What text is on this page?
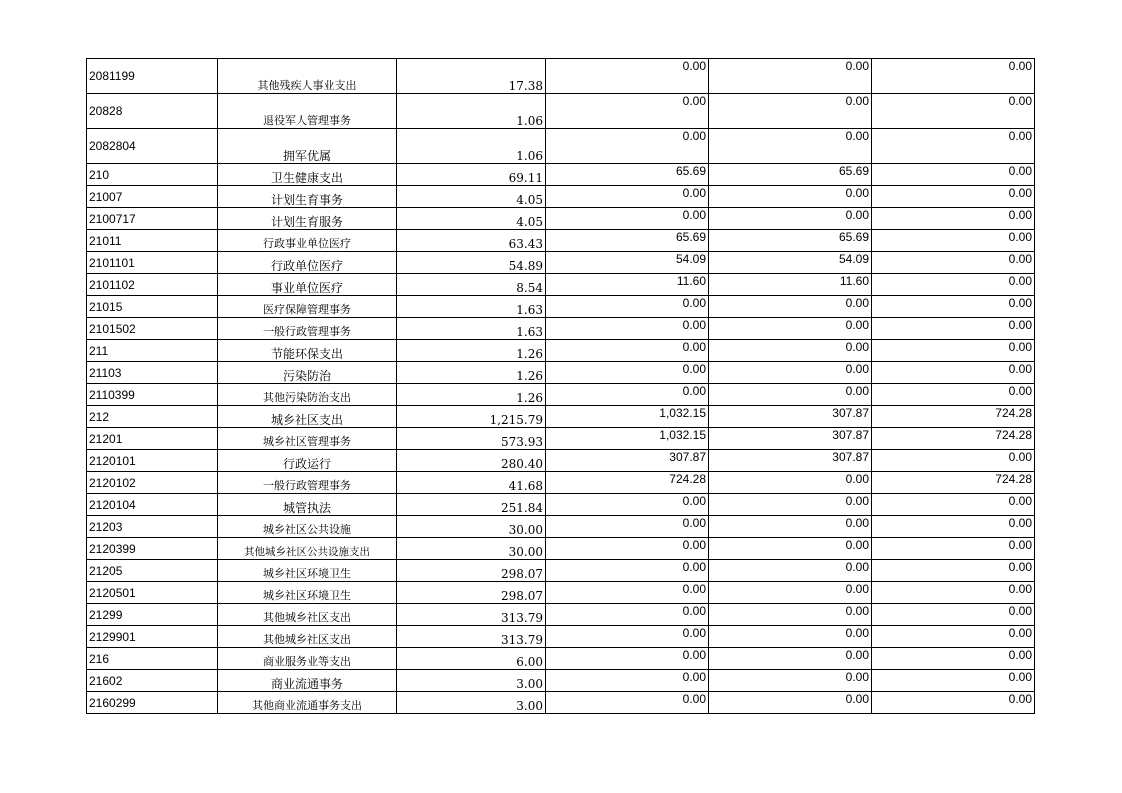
2081199	其他残疾人事业支出	17.38	0.00	0.00	0.00
20828	退役军人管理事务	1.06	0.00	0.00	0.00
2082804	拥军优属	1.06	0.00	0.00	0.00
210	卫生健康支出	69.11	65.69	65.69	0.00
21007	计划生育事务	4.05	0.00	0.00	0.00
2100717	计划生育服务	4.05	0.00	0.00	0.00
21011	行政事业单位医疗	63.43	65.69	65.69	0.00
2101101	行政单位医疗	54.89	54.09	54.09	0.00
2101102	事业单位医疗	8.54	11.60	11.60	0.00
21015	医疗保障管理事务	1.63	0.00	0.00	0.00
2101502	一般行政管理事务	1.63	0.00	0.00	0.00
211	节能环保支出	1.26	0.00	0.00	0.00
21103	污染防治	1.26	0.00	0.00	0.00
2110399	其他污染防治支出	1.26	0.00	0.00	0.00
212	城乡社区支出	1,215.79	1,032.15	307.87	724.28
21201	城乡社区管理事务	573.93	1,032.15	307.87	724.28
2120101	行政运行	280.40	307.87	307.87	0.00
2120102	一般行政管理事务	41.68	724.28	0.00	724.28
2120104	城管执法	251.84	0.00	0.00	0.00
21203	城乡社区公共设施	30.00	0.00	0.00	0.00
2120399	其他城乡社区公共设施支出	30.00	0.00	0.00	0.00
21205	城乡社区环境卫生	298.07	0.00	0.00	0.00
2120501	城乡社区环境卫生	298.07	0.00	0.00	0.00
21299	其他城乡社区支出	313.79	0.00	0.00	0.00
2129901	其他城乡社区支出	313.79	0.00	0.00	0.00
216	商业服务业等支出	6.00	0.00	0.00	0.00
21602	商业流通事务	3.00	0.00	0.00	0.00
2160299	其他商业流通事务支出	3.00	0.00	0.00	0.00
